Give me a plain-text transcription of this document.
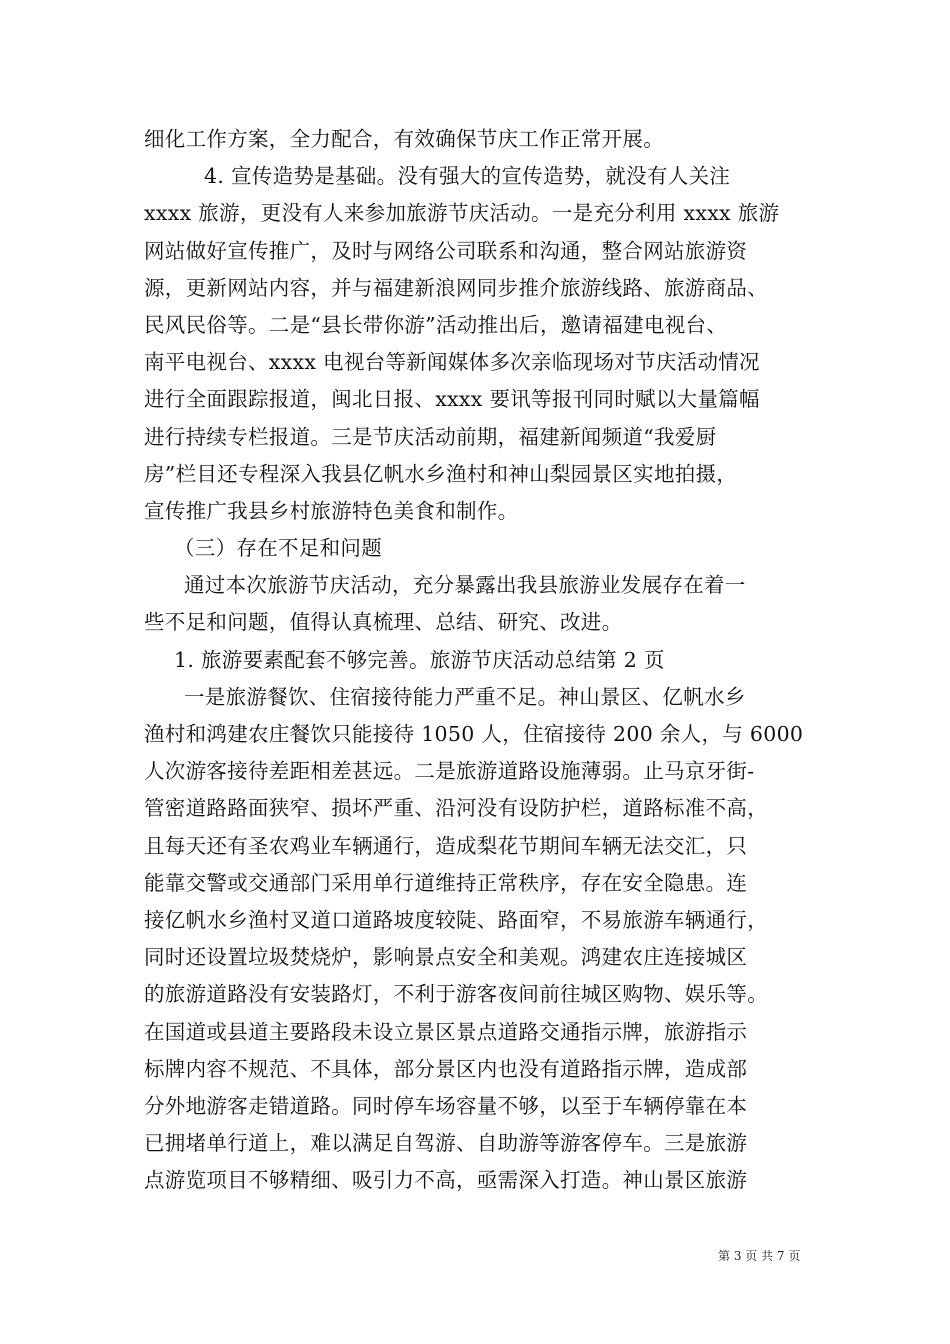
细化工作方案，全力配合，有效确保节庆工作正常开展。
4. 宣传造势是基础。没有强大的宣传造势，就没有人关注
xxxx 旅游，更没有人来参加旅游节庆活动。一是充分利用 xxxx 旅游
网站做好宣传推广，及时与网络公司联系和沟通，整合网站旅游资
源，更新网站内容，并与福建新浪网同步推介旅游线路、旅游商品、
民风民俗等。二是“县长带你游”活动推出后，邀请福建电视台、
南平电视台、xxxx 电视台等新闻媒体多次亲临现场对节庆活动情况
进行全面跟踪报道，闽北日报、xxxx 要讯等报刊同时赋以大量篇幅
进行持续专栏报道。三是节庆活动前期，福建新闻频道“我爱厨
房”栏目还专程深入我县亿帆水乡渔村和神山梨园景区实地拍摄，
宣传推广我县乡村旅游特色美食和制作。
（三）存在不足和问题
通过本次旅游节庆活动，充分暴露出我县旅游业发展存在着一
些不足和问题，值得认真梳理、总结、研究、改进。
1. 旅游要素配套不够完善。旅游节庆活动总结第 2 页
一是旅游餐饮、住宿接待能力严重不足。神山景区、亿帆水乡
渔村和鸿建农庄餐饮只能接待 1050 人，住宿接待 200 余人，与 6000
人次游客接待差距相差甚远。二是旅游道路设施薄弱。止马京牙街-
管密道路路面狭窄、损坏严重、沿河没有设防护栏，道路标准不高，
且每天还有圣农鸡业车辆通行，造成梨花节期间车辆无法交汇，只
能靠交警或交通部门采用单行道维持正常秩序，存在安全隐患。连
接亿帆水乡渔村叉道口道路坡度较陡、路面窄，不易旅游车辆通行，
同时还设置垃圾焚烧炉，影响景点安全和美观。鸿建农庄连接城区
的旅游道路没有安装路灯，不利于游客夜间前往城区购物、娱乐等。
在国道或县道主要路段未设立景区景点道路交通指示牌，旅游指示
标牌内容不规范、不具体，部分景区内也没有道路指示牌，造成部
分外地游客走错道路。同时停车场容量不够，以至于车辆停靠在本
已拥堵单行道上，难以满足自驾游、自助游等游客停车。三是旅游
点游览项目不够精细、吸引力不高，亟需深入打造。神山景区旅游
第 3 页 共 7 页
